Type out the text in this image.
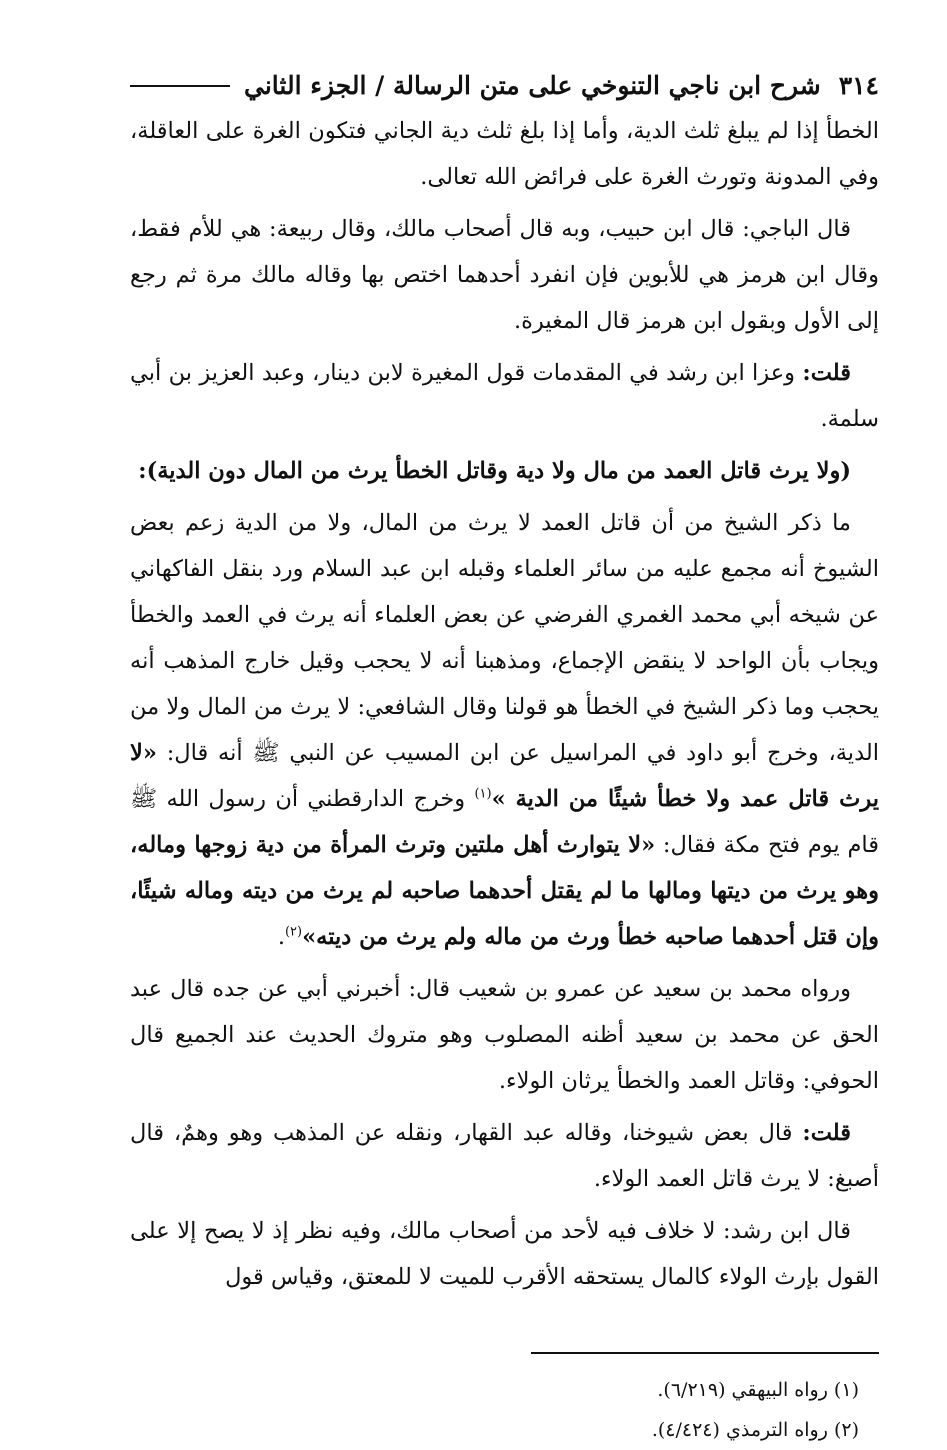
٣١٤
شرح ابن ناجي التنوخي على متن الرسالة / الجزء الثاني

الخطأ إذا لم يبلغ ثلث الدية، وأما إذا بلغ ثلث دية الجاني فتكون الغرة على العاقلة، وفي المدونة وتورث الغرة على فرائض الله تعالى.

قال الباجي: قال ابن حبيب، وبه قال أصحاب مالك، وقال ربيعة: هي للأم فقط، وقال ابن هرمز هي للأبوين فإن انفرد أحدهما اختص بها وقاله مالك مرة ثم رجع إلى الأول وبقول ابن هرمز قال المغيرة.

قلت: وعزا ابن رشد في المقدمات قول المغيرة لابن دينار، وعبد العزيز بن أبي سلمة.

(ولا يرث قاتل العمد من مال ولا دية وقاتل الخطأ يرث من المال دون الدية):

ما ذكر الشيخ من أن قاتل العمد لا يرث من المال، ولا من الدية زعم بعض الشيوخ أنه مجمع عليه من سائر العلماء وقبله ابن عبد السلام ورد بنقل الفاكهاني عن شيخه أبي محمد الغمري الفرضي عن بعض العلماء أنه يرث في العمد والخطأ ويجاب بأن الواحد لا ينقض الإجماع، ومذهبنا أنه لا يحجب وقيل خارج المذهب أنه يحجب وما ذكر الشيخ في الخطأ هو قولنا وقال الشافعي: لا يرث من المال ولا من الدية، وخرج أبو داود في المراسيل عن ابن المسيب عن النبي ﷺ أنه قال: «لا يرث قاتل عمد ولا خطأ شيئًا من الدية »$^{(١)}$ وخرج الدارقطني أن رسول الله ﷺ قام يوم فتح مكة فقال: «لا يتوارث أهل ملتين وترث المرأة من دية زوجها وماله، وهو يرث من ديتها ومالها ما لم يقتل أحدهما صاحبه لم يرث من ديته وماله شيئًا، وإن قتل أحدهما صاحبه خطأ ورث من ماله ولم يرث من ديته»$^{(٢)}$.

ورواه محمد بن سعيد عن عمرو بن شعيب قال: أخبرني أبي عن جده قال عبد الحق عن محمد بن سعيد أظنه المصلوب وهو متروك الحديث عند الجميع قال الحوفي: وقاتل العمد والخطأ يرثان الولاء.

قلت: قال بعض شيوخنا، وقاله عبد القهار، ونقله عن المذهب وهو وهمٌ، قال أصبغ: لا يرث قاتل العمد الولاء.

قال ابن رشد: لا خلاف فيه لأحد من أصحاب مالك، وفيه نظر إذ لا يصح إلا على القول بإرث الولاء كالمال يستحقه الأقرب للميت لا للمعتق، وقياس قول

(١) رواه البيهقي (٦/٢١٩).

(٢) رواه الترمذي (٤/٤٢٤).
